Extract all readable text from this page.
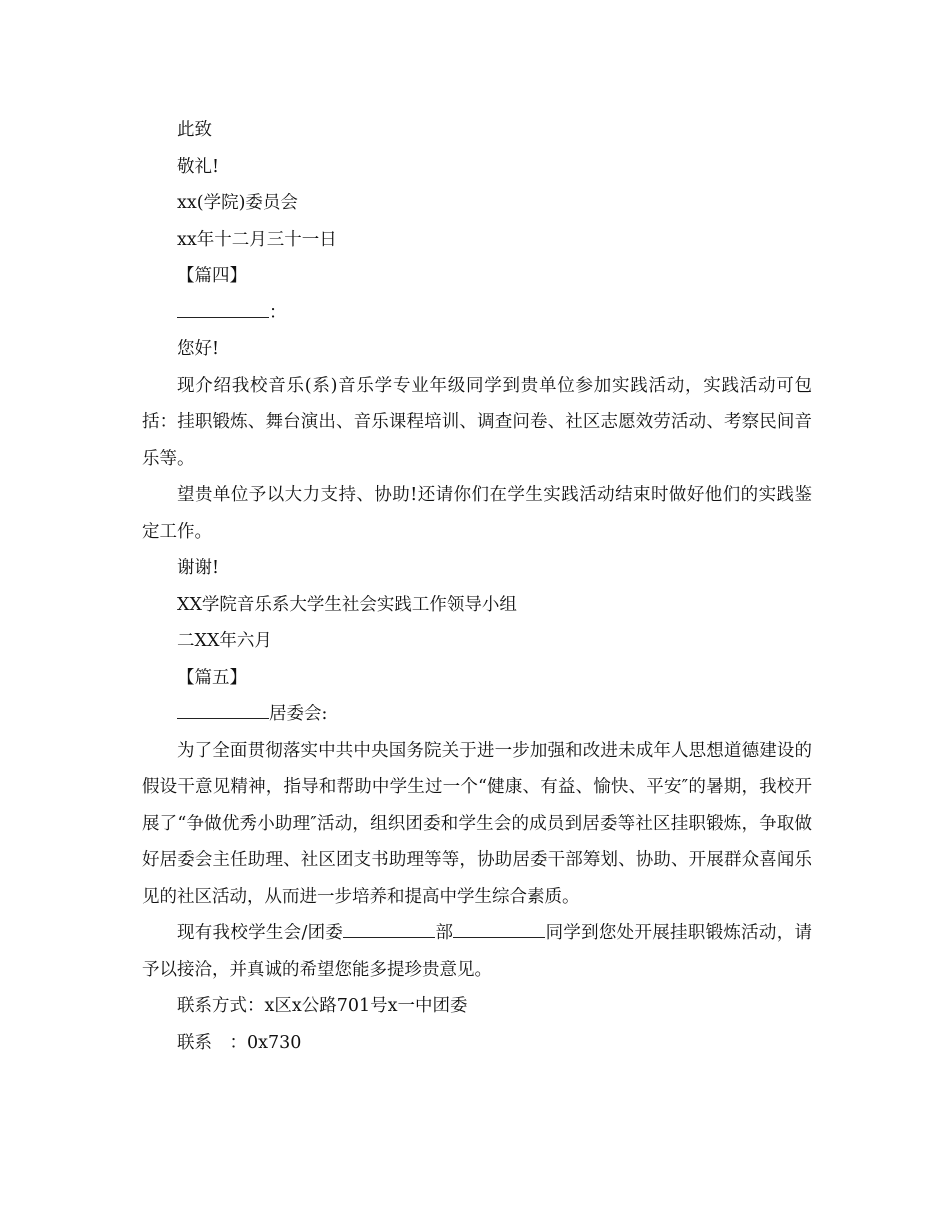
此致

敬礼!

xx(学院)委员会

xx年十二月三十一日

【篇四】

：

您好!

现介绍我校音乐(系)音乐学专业年级同学到贵单位参加实践活动，实践活动可包括：挂职锻炼、舞台演出、音乐课程培训、调查问卷、社区志愿效劳活动、考察民间音乐等。

望贵单位予以大力支持、协助!还请你们在学生实践活动结束时做好他们的实践鉴定工作。

谢谢!

XX学院音乐系大学生社会实践工作领导小组

二XX年六月

【篇五】

居委会:

为了全面贯彻落实中共中央国务院关于进一步加强和改进未成年人思想道德建设的假设干意见精神，指导和帮助中学生过一个“健康、有益、愉快、平安″的暑期，我校开展了“争做优秀小助理″活动，组织团委和学生会的成员到居委等社区挂职锻炼，争取做好居委会主任助理、社区团支书助理等等，协助居委干部筹划、协助、开展群众喜闻乐见的社区活动，从而进一步培养和提高中学生综合素质。

现有我校学生会/团委	部	同学到您处开展挂职锻炼活动，请予以接洽，并真诚的希望您能多提珍贵意见。

联系方式：x区x公路701号x一中团委

联系　：0x730
